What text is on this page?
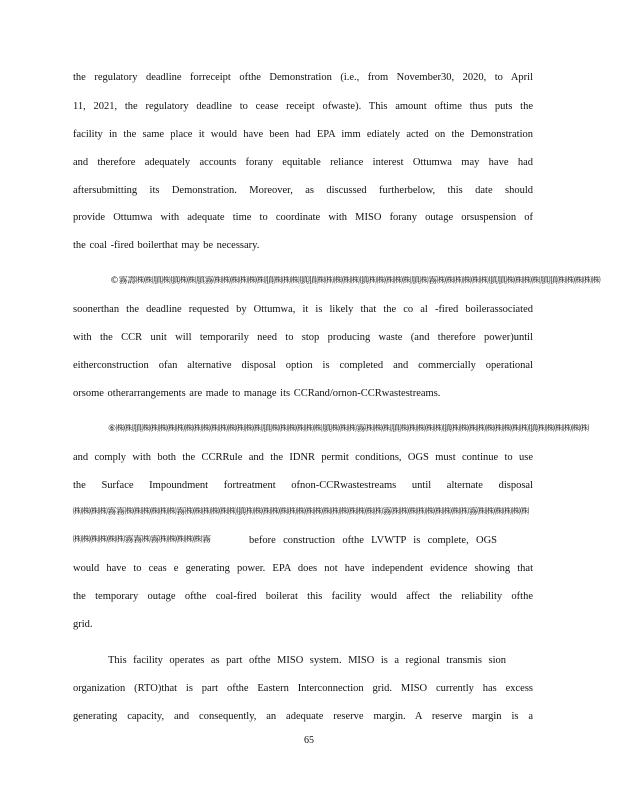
the regulatory deadline forreceipt ofthe Demonstration (i.e., from November30, 2020, to April
11, 2021, the regulatory deadline to cease receipt ofwaste). This amount oftime thus puts the
facility in the same place it would have been had EPA imm ediately acted on the Demonstration
and therefore adequately accounts forany equitable reliance interest Ottumwa may have had
aftersubmitting its Demonstration. Moreover, as discussed furtherbelow, this date should
provide Ottumwa with adequate time to coordinate with MISO forany outage orsuspension of
the coal -fired boilerthat may be necessary.
©霧壽㈱㈱䐜㈱䐜㈱㈱䐜霧㈱㈱㈱㈱㈱㈱䐜㈱㈱㈱䐜䐜㈱㈱㈱㈱㈱䐜㈱㈱㈱㈱㈱䐜㈱霧㈱㈱㈱㈱㈱㈱䐜䐜㈱㈱㈱㈱䐜䐜㈱㈱㈱㈱㈱
soonerthan the deadline requested by Ottumwa, it is likely that the co al -fired boilerassociated
with the CCR unit will temporarily need to stop producing waste (and therefore power)until
eitherconstruction ofan alternative disposal option is completed and commercially operational
orsome otherarrangements are made to manage its CCRand/ornon-CCRwastestreams.
⑥㈱㈱䐜㈱㈱㈱㈱㈱㈱㈱㈱㈱㈱㈱㈱㈱㈱䐜㈱㈱㈱㈱㈱㈱䐜㈱㈱㈱霧㈱㈱㈱䐜㈱㈱㈱㈱㈱䐜㈱㈱㈱㈱㈱㈱㈱㈱㈱䐜㈱㈱㈱㈱㈱㈱
and comply with both the CCRRule and the IDNR permit conditions, OGS must continue to use
the Surface Impoundment fortreatment ofnon-CCRwastestreams until alternate disposal
㈱㈱㈱㈱霧霧㈱㈱㈱㈱㈱㈱霧㈱㈱㈱㈱㈱㈱䐜㈱㈱㈱㈱㈱㈱㈱㈱㈱㈱㈱㈱㈱㈱㈱㈱霧㈱㈱㈱㈱㈱㈱㈱㈱㈱霧㈱㈱㈱㈱㈱㈱
㈱㈱㈱㈱㈱㈱霧霧㈱霧㈱㈱㈱㈱㈱霧	before construction ofthe LVWTP is complete, OGS
would have to ceas e generating power. EPA does not have independent evidence showing that
the temporary outage ofthe coal-fired boilerat this facility would affect the reliability ofthe
grid.
This facility operates as part ofthe MISO system. MISO is a regional transmis sion
organization (RTO)that is part ofthe Eastern Interconnection grid. MISO currently has excess
generating capacity, and consequently, an adequate reserve margin. A reserve margin is a
65
